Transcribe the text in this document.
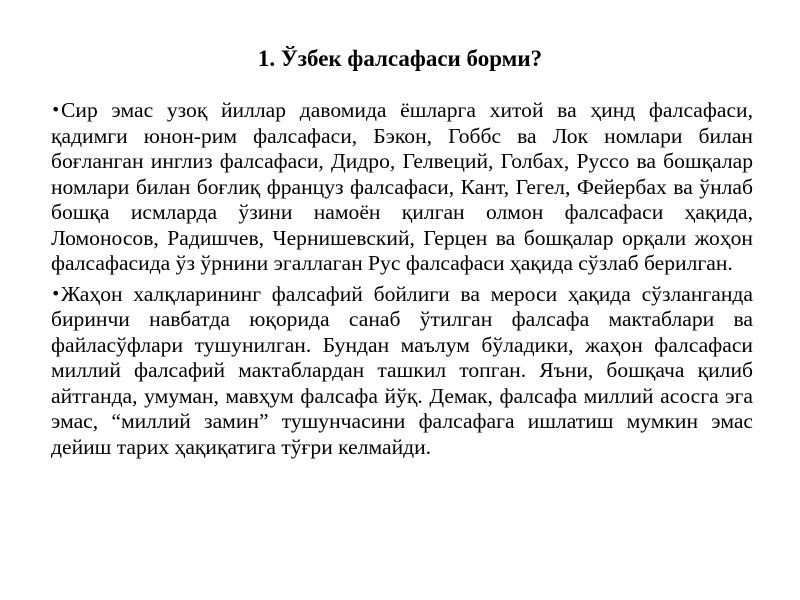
1. Ўзбек фалсафаси борми?

•Сир эмас узоқ йиллар давомида ёшларга хитой ва ҳинд фалсафаси, қадимги юнон-рим фалсафаси, Бэкон, Гоббс ва Лок номлари билан боғланган инглиз фалсафаси, Дидро, Гелвеций, Голбах, Руссо ва бошқалар номлари билан боғлиқ француз фалсафаси, Кант, Гегел, Фейербах ва ўнлаб бошқа исмларда ўзини намоён қилган олмон фалсафаси ҳақида, Ломоносов, Радишчев, Чернишевский, Герцен ва бошқалар орқали жоҳон фалсафасида ўз ўрнини эгаллаган Рус фалсафаси ҳақида сўзлаб берилган.

•Жаҳон халқларининг фалсафий бойлиги ва мероси ҳақида сўзланганда биринчи навбатда юқорида санаб ўтилган фалсафа мактаблари ва файласўфлари тушунилган. Бундан маълум бўладики, жаҳон фалсафаси миллий фалсафий мактаблардан ташкил топган. Яъни, бошқача қилиб айтганда, умуман, мавҳум фалсафа йўқ. Демак, фалсафа миллий асосга эга эмас, “миллий замин” тушунчасини фалсафага ишлатиш мумкин эмас дейиш тарих ҳақиқатига тўғри келмайди.
